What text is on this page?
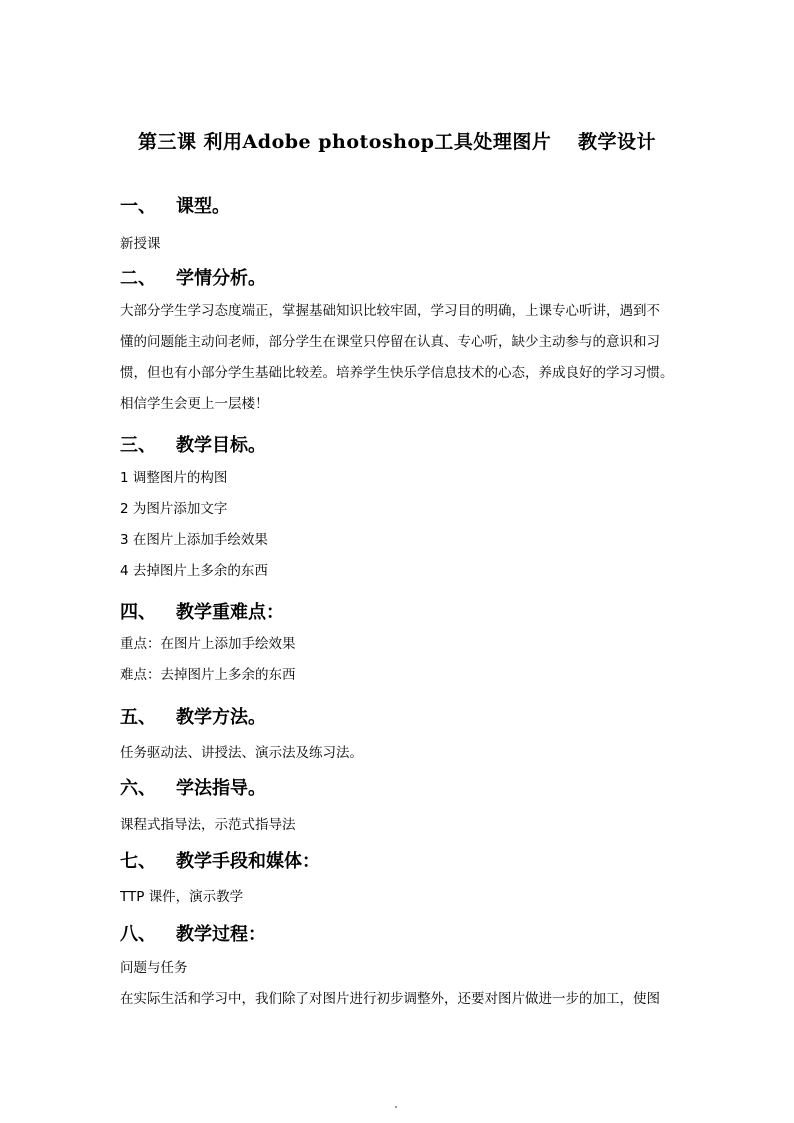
第三课 利用Adobe photoshop工具处理图片　 教学设计
一、 课型。
新授课
二、 学情分析。
大部分学生学习态度端正，掌握基础知识比较牢固，学习目的明确，上课专心听讲，遇到不
懂的问题能主动问老师，部分学生在课堂只停留在认真、专心听，缺少主动参与的意识和习
惯，但也有小部分学生基础比较差。培养学生快乐学信息技术的心态，养成良好的学习习惯。
相信学生会更上一层楼！
三、 教学目标。
1 调整图片的构图
2 为图片添加文字
3 在图片上添加手绘效果
4 去掉图片上多余的东西
四、 教学重难点：
重点：在图片上添加手绘效果
难点：去掉图片上多余的东西
五、 教学方法。
任务驱动法、讲授法、演示法及练习法。
六、 学法指导。
课程式指导法，示范式指导法
七、 教学手段和媒体：
TTP 课件，演示教学
八、 教学过程：
问题与任务
在实际生活和学习中，我们除了对图片进行初步调整外，还要对图片做进一步的加工，使图
